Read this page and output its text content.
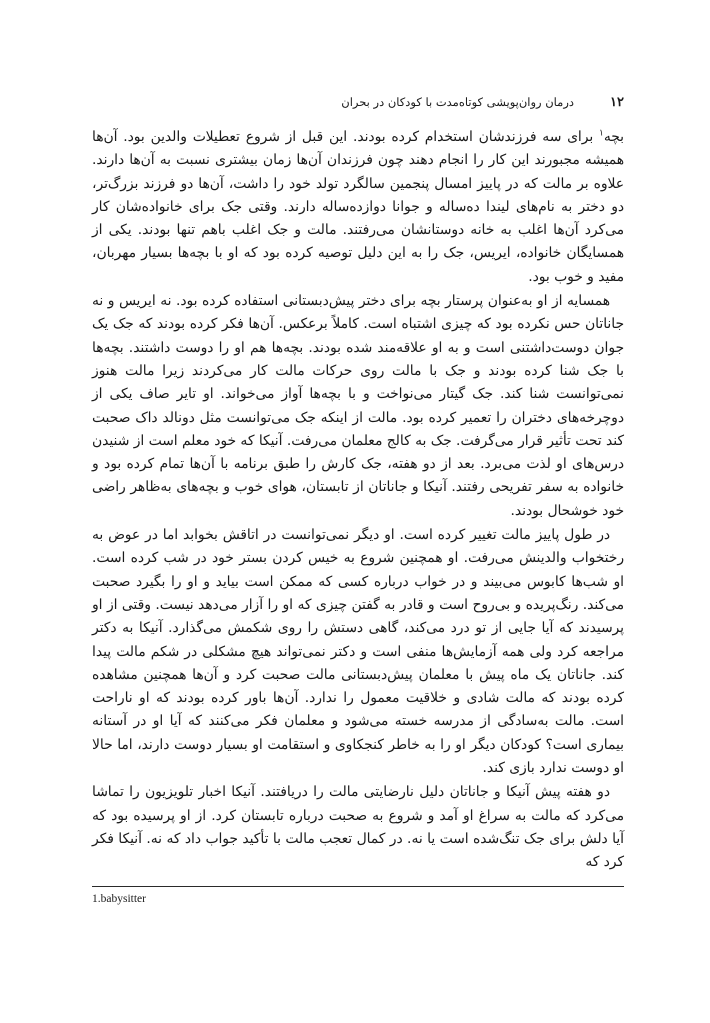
۱۲
درمان روان‌پویشی کوتاه‌مدت با کودکان در بحران

بچه$^۱$ برای سه فرزندشان استخدام کرده بودند. این قبل از شروع تعطیلات والدین بود. آن‌ها همیشه مجبورند این کار را انجام دهند چون فرزندان آن‌ها زمان بیشتری نسبت به آن‌ها دارند. علاوه بر مالت که در پاییز امسال پنجمین سالگرد تولد خود را داشت، آن‌ها دو فرزند بزرگ‌تر، دو دختر به نام‌های لیندا ده‌ساله و جوانا دوازده‌ساله دارند. وقتی جک برای خانواده‌شان کار می‌کرد آن‌ها اغلب به خانه دوستانشان می‌رفتند. مالت و جک اغلب باهم تنها بودند. یکی از همسایگان خانواده، ایریس، جک را به این دلیل توصیه کرده بود که او با بچه‌ها بسیار مهربان، مفید و خوب بود.

همسایه از او به‌عنوان پرستار بچه برای دختر پیش‌دبستانی استفاده کرده بود. نه ایریس و نه جاناتان حس نکرده بود که چیزی اشتباه است. کاملاً برعکس. آن‌ها فکر کرده بودند که جک یک جوان دوست‌داشتنی است و به او علاقه‌مند شده بودند. بچه‌ها هم او را دوست داشتند. بچه‌ها با جک شنا کرده بودند و جک با مالت روی حرکات مالت کار می‌کردند زیرا مالت هنوز نمی‌توانست شنا کند. جک گیتار می‌نواخت و با بچه‌ها آواز می‌خواند. او تایر صاف یکی از دوچرخه‌های دختران را تعمیر کرده بود. مالت از اینکه جک می‌توانست مثل دونالد داک صحبت کند تحت تأثیر قرار می‌گرفت. جک به کالج معلمان می‌رفت. آنیکا که خود معلم است از شنیدن درس‌های او لذت می‌برد. بعد از دو هفته، جک کارش را طبق برنامه با آن‌ها تمام کرده بود و خانواده به سفر تفریحی رفتند. آنیکا و جاناتان از تابستان، هوای خوب و بچه‌های به‌ظاهر راضی خود خوشحال بودند.

در طول پاییز مالت تغییر کرده است. او دیگر نمی‌توانست در اتاقش بخوابد اما در عوض به رختخواب والدینش می‌رفت. او همچنین شروع به خیس کردن بستر خود در شب کرده است. او شب‌ها کابوس می‌بیند و در خواب درباره کسی که ممکن است بیاید و او را بگیرد صحبت می‌کند. رنگ‌پریده و بی‌روح است و قادر به گفتن چیزی که او را آزار می‌دهد نیست. وقتی از او پرسیدند که آیا جایی از تو درد می‌کند، گاهی دستش را روی شکمش می‌گذارد. آنیکا به دکتر مراجعه کرد ولی همه آزمایش‌ها منفی است و دکتر نمی‌تواند هیچ مشکلی در شکم مالت پیدا کند. جاناتان یک ماه پیش با معلمان پیش‌دبستانی مالت صحبت کرد و آن‌ها همچنین مشاهده کرده بودند که مالت شادی و خلاقیت معمول را ندارد. آن‌ها باور کرده بودند که او ناراحت است. مالت به‌سادگی از مدرسه خسته می‌شود و معلمان فکر می‌کنند که آیا او در آستانه بیماری است؟ کودکان دیگر او را به خاطر کنجکاوی و استقامت او بسیار دوست دارند، اما حالا او دوست ندارد بازی کند.

دو هفته پیش آنیکا و جاناتان دلیل نارضایتی مالت را دریافتند. آنیکا اخبار تلویزیون را تماشا می‌کرد که مالت به سراغ او آمد و شروع به صحبت درباره تابستان کرد. از او پرسیده بود که آیا دلش برای جک تنگ‌شده است یا نه. در کمال تعجب مالت با تأکید جواب داد که نه. آنیکا فکر کرد که

1.babysitter
